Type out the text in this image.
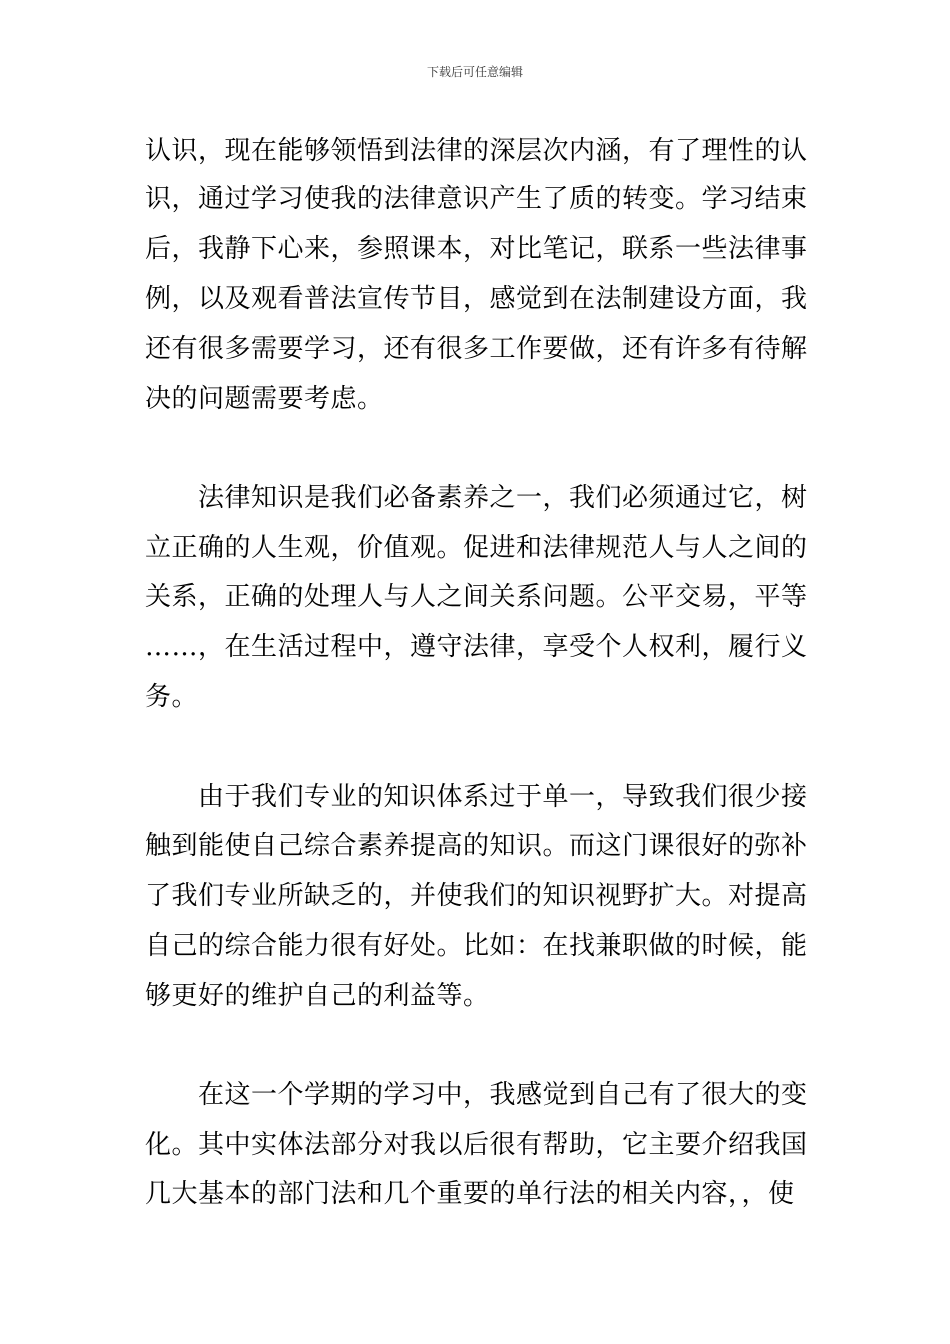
下载后可任意编辑
认识，现在能够领悟到法律的深层次内涵，有了理性的认
识，通过学习使我的法律意识产生了质的转变。学习结束
后，我静下心来，参照课本，对比笔记，联系一些法律事
例，以及观看普法宣传节目，感觉到在法制建设方面，我
还有很多需要学习，还有很多工作要做，还有许多有待解
决的问题需要考虑。
　　法律知识是我们必备素养之一，我们必须通过它，树
立正确的人生观，价值观。促进和法律规范人与人之间的
关系，正确的处理人与人之间关系问题。公平交易，平等
……，在生活过程中，遵守法律，享受个人权利，履行义
务。
　　由于我们专业的知识体系过于单一，导致我们很少接
触到能使自己综合素养提高的知识。而这门课很好的弥补
了我们专业所缺乏的，并使我们的知识视野扩大。对提高
自己的综合能力很有好处。比如：在找兼职做的时候，能
够更好的维护自己的利益等。
　　在这一个学期的学习中，我感觉到自己有了很大的变
化。其中实体法部分对我以后很有帮助，它主要介绍我国
几大基本的部门法和几个重要的单行法的相关内容，，使
